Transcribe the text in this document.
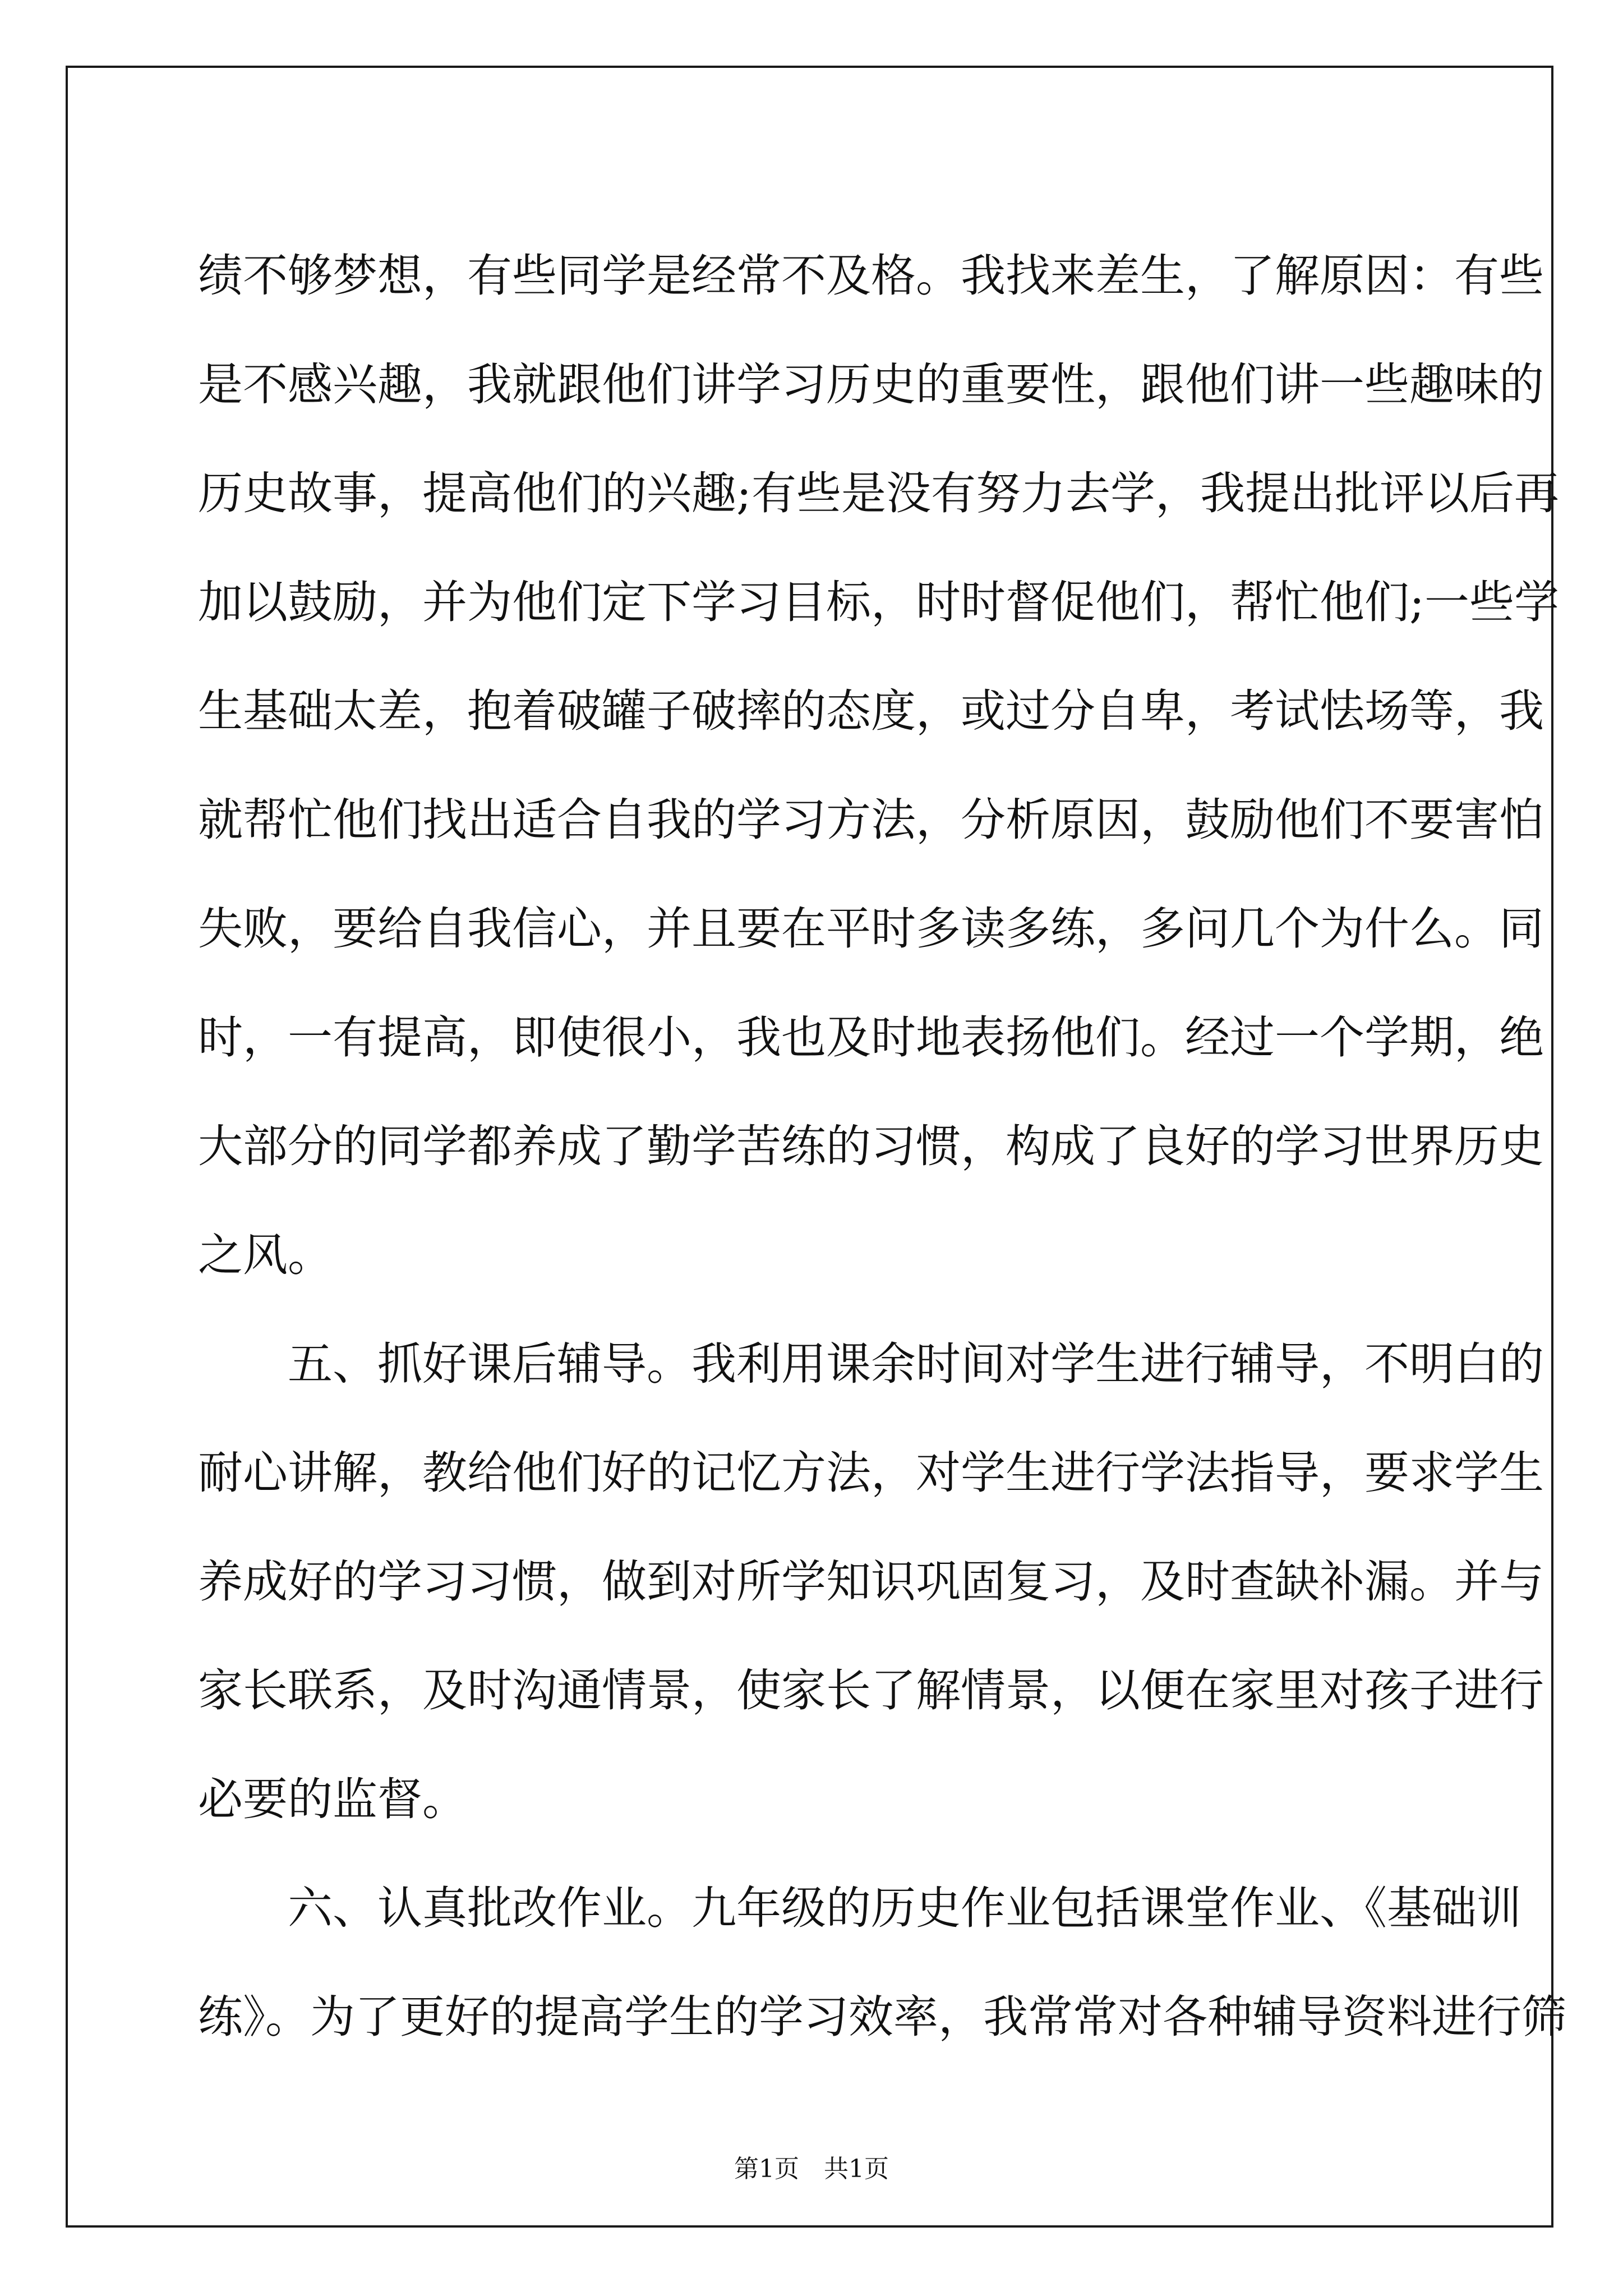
绩不够梦想，有些同学是经常不及格。我找来差生，了解原因：有些
是不感兴趣，我就跟他们讲学习历史的重要性，跟他们讲一些趣味的
历史故事，提高他们的兴趣;有些是没有努力去学，我提出批评以后再
加以鼓励，并为他们定下学习目标，时时督促他们，帮忙他们;一些学
生基础太差，抱着破罐子破摔的态度，或过分自卑，考试怯场等，我
就帮忙他们找出适合自我的学习方法，分析原因，鼓励他们不要害怕
失败，要给自我信心，并且要在平时多读多练，多问几个为什么。同
时，一有提高，即使很小，我也及时地表扬他们。经过一个学期，绝
大部分的同学都养成了勤学苦练的习惯，构成了良好的学习世界历史
之风。
五、抓好课后辅导。我利用课余时间对学生进行辅导，不明白的
耐心讲解，教给他们好的记忆方法，对学生进行学法指导，要求学生
养成好的学习习惯，做到对所学知识巩固复习，及时查缺补漏。并与
家长联系，及时沟通情景，使家长了解情景，以便在家里对孩子进行
必要的监督。
六、认真批改作业。九年级的历史作业包括课堂作业、《基础训
练》。为了更好的提高学生的学习效率，我常常对各种辅导资料进行筛
第1页　共1页
